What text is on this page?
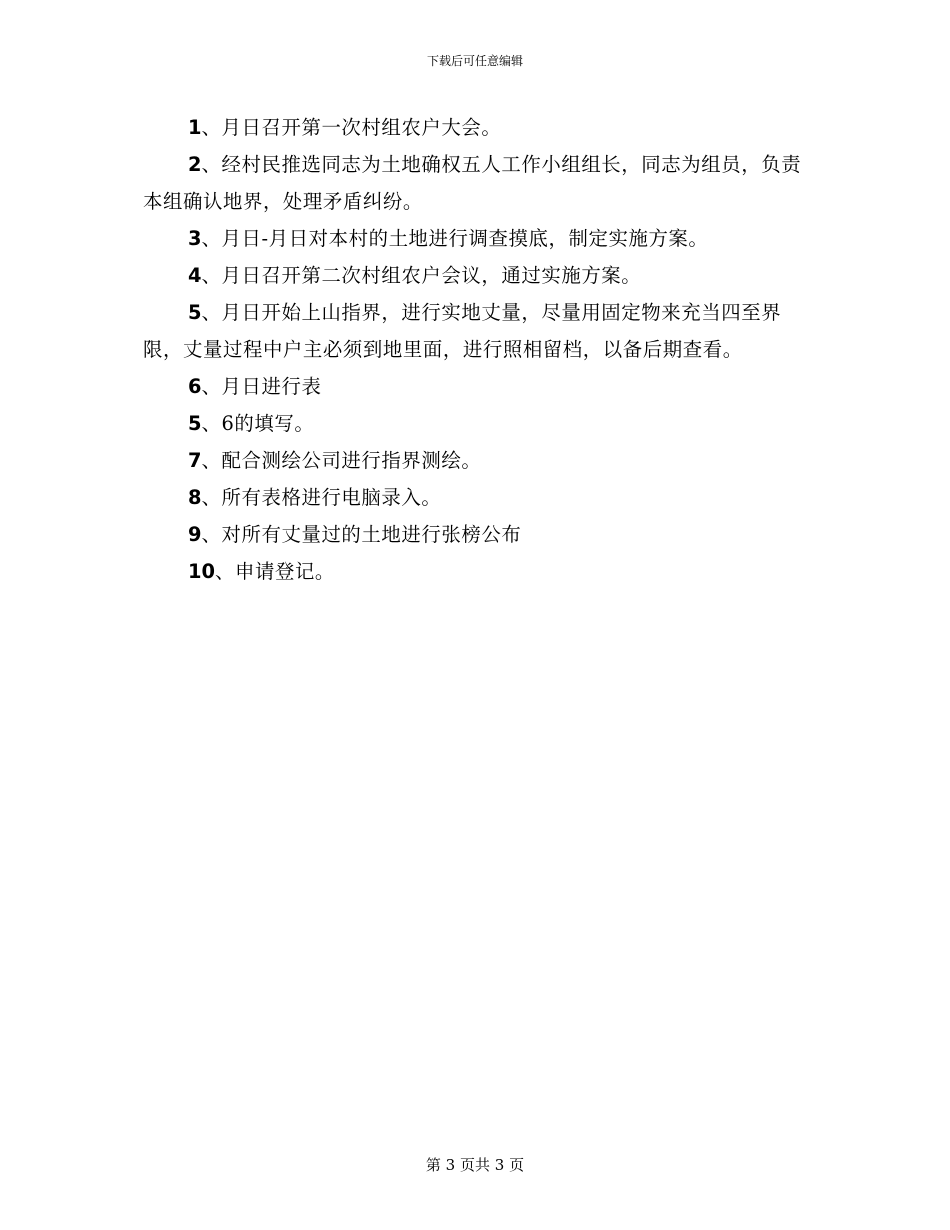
下载后可任意编辑

1、月日召开第一次村组农户大会。

2、经村民推选同志为土地确权五人工作小组组长，同志为组员，负责本组确认地界，处理矛盾纠纷。

3、月日-月日对本村的土地进行调查摸底，制定实施方案。

4、月日召开第二次村组农户会议，通过实施方案。

5、月日开始上山指界，进行实地丈量，尽量用固定物来充当四至界限，丈量过程中户主必须到地里面，进行照相留档，以备后期查看。

6、月日进行表

5、6的填写。

7、配合测绘公司进行指界测绘。

8、所有表格进行电脑录入。

9、对所有丈量过的土地进行张榜公布

10、申请登记。

第 3 页共 3 页
